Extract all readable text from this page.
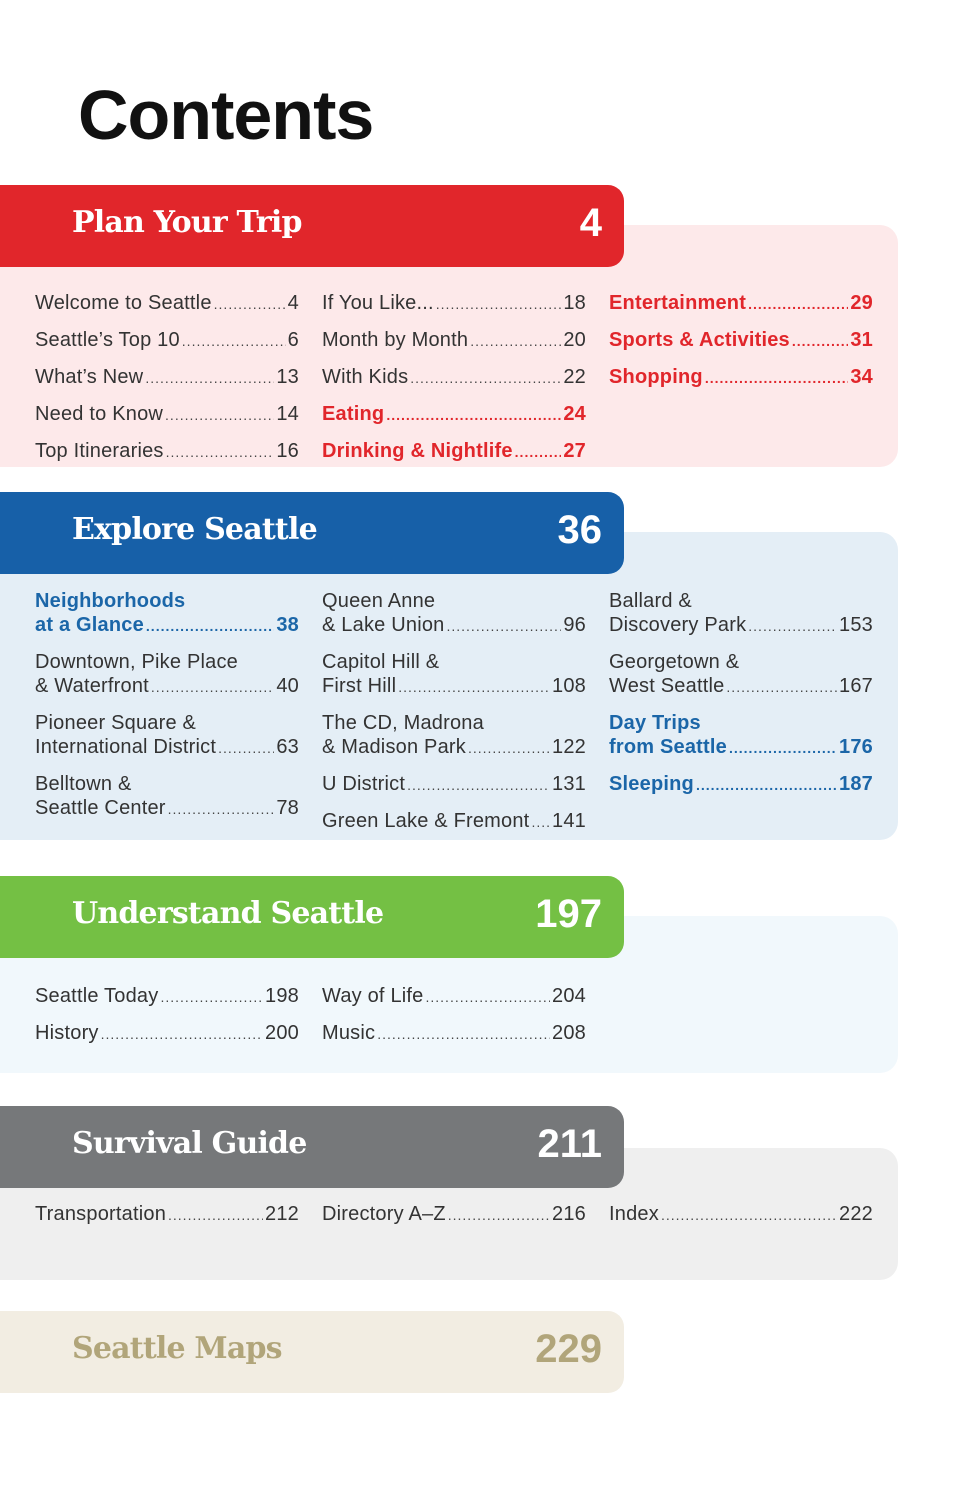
Contents
Plan Your Trip	4
Welcome to Seattle .....	4
Seattle’s Top 10 .....	6
What’s New .....	13
Need to Know .....	14
Top Itineraries .....	16
If You Like... .....	18
Month by Month .....	20
With Kids .....	22
Eating .....	24
Drinking & Nightlife .....	27
Entertainment .....	29
Sports & Activities .....	31
Shopping .....	34
Explore Seattle	36
Neighborhoods
at a Glance .....	38
Downtown, Pike Place
& Waterfront .....	40
Pioneer Square &
International District .....	63
Belltown &
Seattle Center .....	78
Queen Anne
& Lake Union .....	96
Capitol Hill &
First Hill .....	108
The CD, Madrona
& Madison Park .....	122
U District .....	131
Green Lake & Fremont ..... 141
Ballard &
Discovery Park .....	153
Georgetown &
West Seattle .....	167
Day Trips
from Seattle .....	176
Sleeping .....	187
Understand Seattle	197
Seattle Today .....	198
History .....	200
Way of Life .....	204
Music .....	208
Survival Guide	211
Transportation .....	212 Directory A–Z .....	216 Index .....	222
Seattle Maps	229
